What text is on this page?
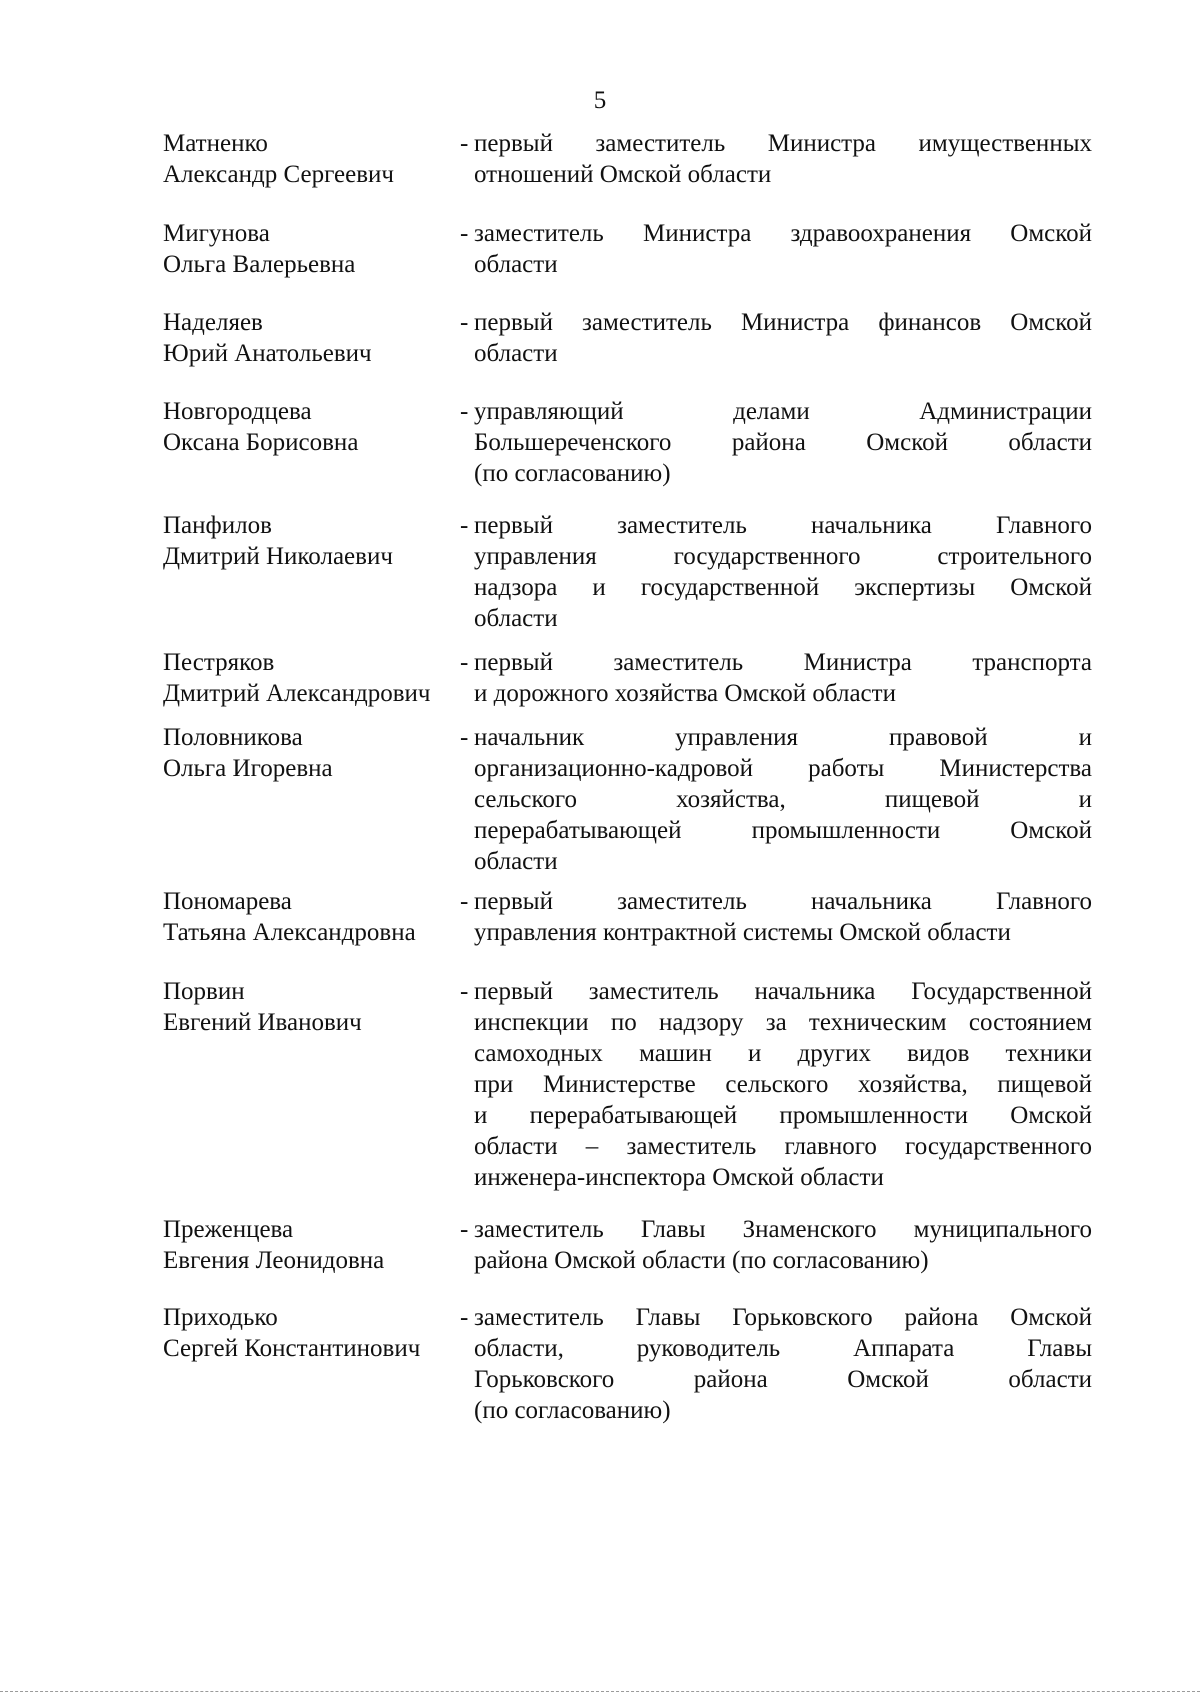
5
Матненко
Александр Сергеевич
- первый заместитель Министра имущественных
отношений Омской области
Мигунова
Ольга Валерьевна
- заместитель Министра здравоохранения Омской
области
Наделяев
Юрий Анатольевич
- первый заместитель Министра финансов Омской
области
Новгородцева
Оксана Борисовна
- управляющий делами Администрации
Большереченского района Омской области
(по согласованию)
Панфилов
Дмитрий Николаевич
- первый заместитель начальника Главного
управления государственного строительного
надзора и государственной экспертизы Омской
области
Пестряков
Дмитрий Александрович
- первый заместитель Министра транспорта
и дорожного хозяйства Омской области
Половникова
Ольга Игоревна
- начальник управления правовой и
организационно-кадровой работы Министерства
сельского хозяйства, пищевой и
перерабатывающей промышленности Омской
области
Пономарева
Татьяна Александровна
- первый заместитель начальника Главного
управления контрактной системы Омской области
Порвин
Евгений Иванович
- первый заместитель начальника Государственной
инспекции по надзору за техническим состоянием
самоходных машин и других видов техники
при Министерстве сельского хозяйства, пищевой
и перерабатывающей промышленности Омской
области – заместитель главного государственного
инженера-инспектора Омской области
Преженцева
Евгения Леонидовна
- заместитель Главы Знаменского муниципального
района Омской области (по согласованию)
Приходько
Сергей Константинович
- заместитель Главы Горьковского района Омской
области, руководитель Аппарата Главы
Горьковского района Омской области
(по согласованию)
